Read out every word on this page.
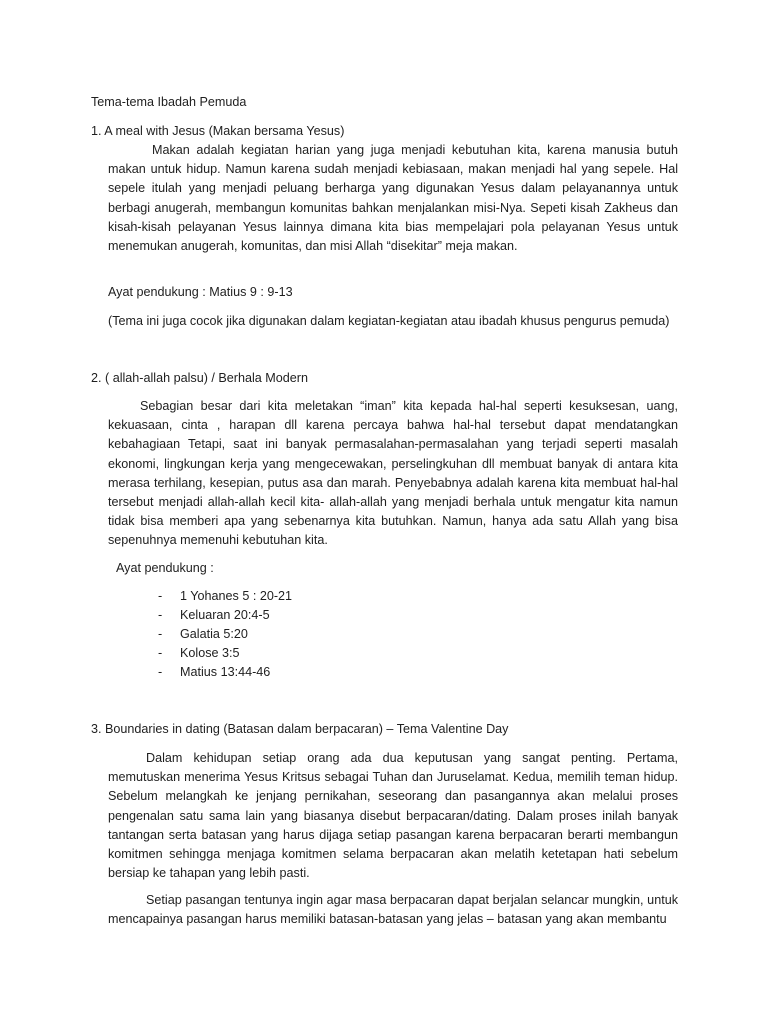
Tema-tema Ibadah Pemuda

1. A meal with Jesus (Makan bersama Yesus)

Makan adalah kegiatan harian yang juga menjadi kebutuhan kita, karena manusia butuh makan untuk hidup. Namun karena sudah menjadi kebiasaan, makan menjadi hal yang sepele. Hal sepele itulah yang menjadi peluang berharga yang digunakan Yesus dalam pelayanannya untuk berbagi anugerah, membangun komunitas bahkan menjalankan misi-Nya. Sepeti kisah Zakheus dan kisah-kisah pelayanan Yesus lainnya dimana kita bias mempelajari pola pelayanan Yesus untuk menemukan anugerah, komunitas, dan misi Allah “disekitar” meja makan.

Ayat pendukung : Matius 9 : 9-13

(Tema ini juga cocok jika digunakan dalam kegiatan-kegiatan atau ibadah khusus pengurus pemuda)

2. ( allah-allah palsu) / Berhala Modern

Sebagian besar dari kita meletakan “iman” kita kepada hal-hal seperti kesuksesan, uang, kekuasaan, cinta , harapan dll karena percaya bahwa hal-hal tersebut dapat mendatangkan kebahagiaan Tetapi, saat ini banyak permasalahan-permasalahan yang terjadi seperti masalah ekonomi, lingkungan kerja yang mengecewakan, perselingkuhan dll membuat banyak di antara kita merasa terhilang, kesepian, putus asa dan marah. Penyebabnya adalah karena kita membuat hal-hal tersebut menjadi allah-allah kecil kita- allah-allah yang menjadi berhala untuk mengatur kita namun tidak bisa memberi apa yang sebenarnya kita butuhkan. Namun, hanya ada satu Allah yang bisa sepenuhnya memenuhi kebutuhan kita.

Ayat pendukung :

- 1 Yohanes 5 : 20-21
- Keluaran 20:4-5
- Galatia 5:20
- Kolose 3:5
- Matius 13:44-46

3. Boundaries in dating (Batasan dalam berpacaran) – Tema Valentine Day

Dalam kehidupan setiap orang ada dua keputusan yang sangat penting. Pertama, memutuskan menerima Yesus Kritsus sebagai Tuhan dan Juruselamat. Kedua, memilih teman hidup. Sebelum melangkah ke jenjang pernikahan, seseorang dan pasangannya akan melalui proses pengenalan satu sama lain yang biasanya disebut berpacaran/dating. Dalam proses inilah banyak tantangan serta batasan yang harus dijaga setiap pasangan karena berpacaran berarti membangun komitmen sehingga menjaga komitmen selama berpacaran akan melatih ketetapan hati sebelum bersiap ke tahapan yang lebih pasti.

Setiap pasangan tentunya ingin agar masa berpacaran dapat berjalan selancar mungkin, untuk mencapainya pasangan harus memiliki batasan-batasan yang jelas – batasan yang akan membantu
